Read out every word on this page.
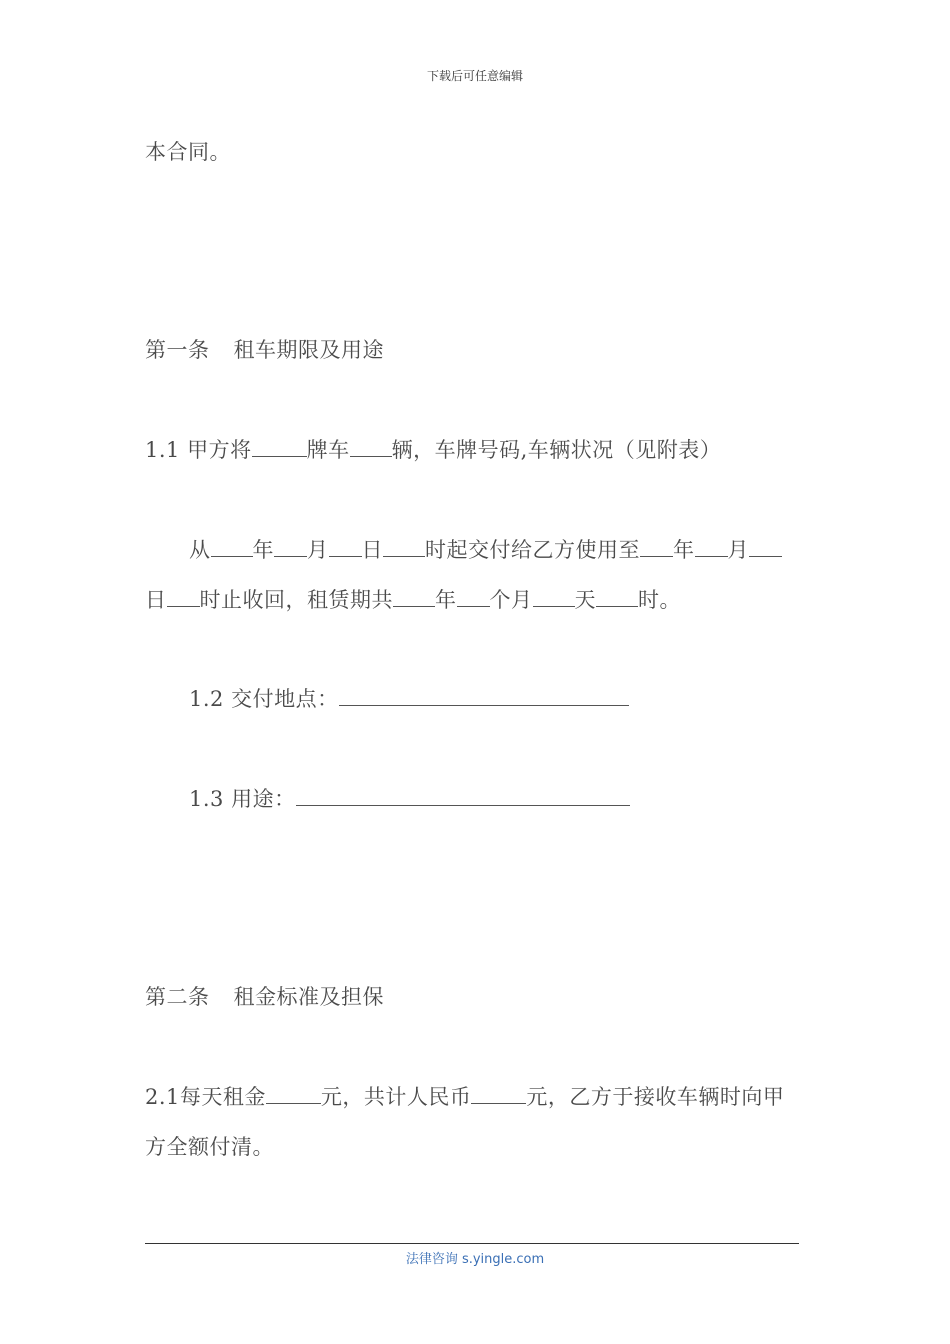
下载后可任意编辑
本合同。
第一条 租车期限及用途
1.1 甲方将	牌车 辆，车牌号码,车辆状况（见附表）
从 年 月 日 时起交付给乙方使用至 年 月
日 时止收回，租赁期共 年 个月 天 时。
1.2 交付地点：
1.3 用途：
第二条 租金标准及担保
2.1每天租金	元，共计人民币	元，乙方于接收车辆时向甲
方全额付清。
法律咨询 s.yingle.com
